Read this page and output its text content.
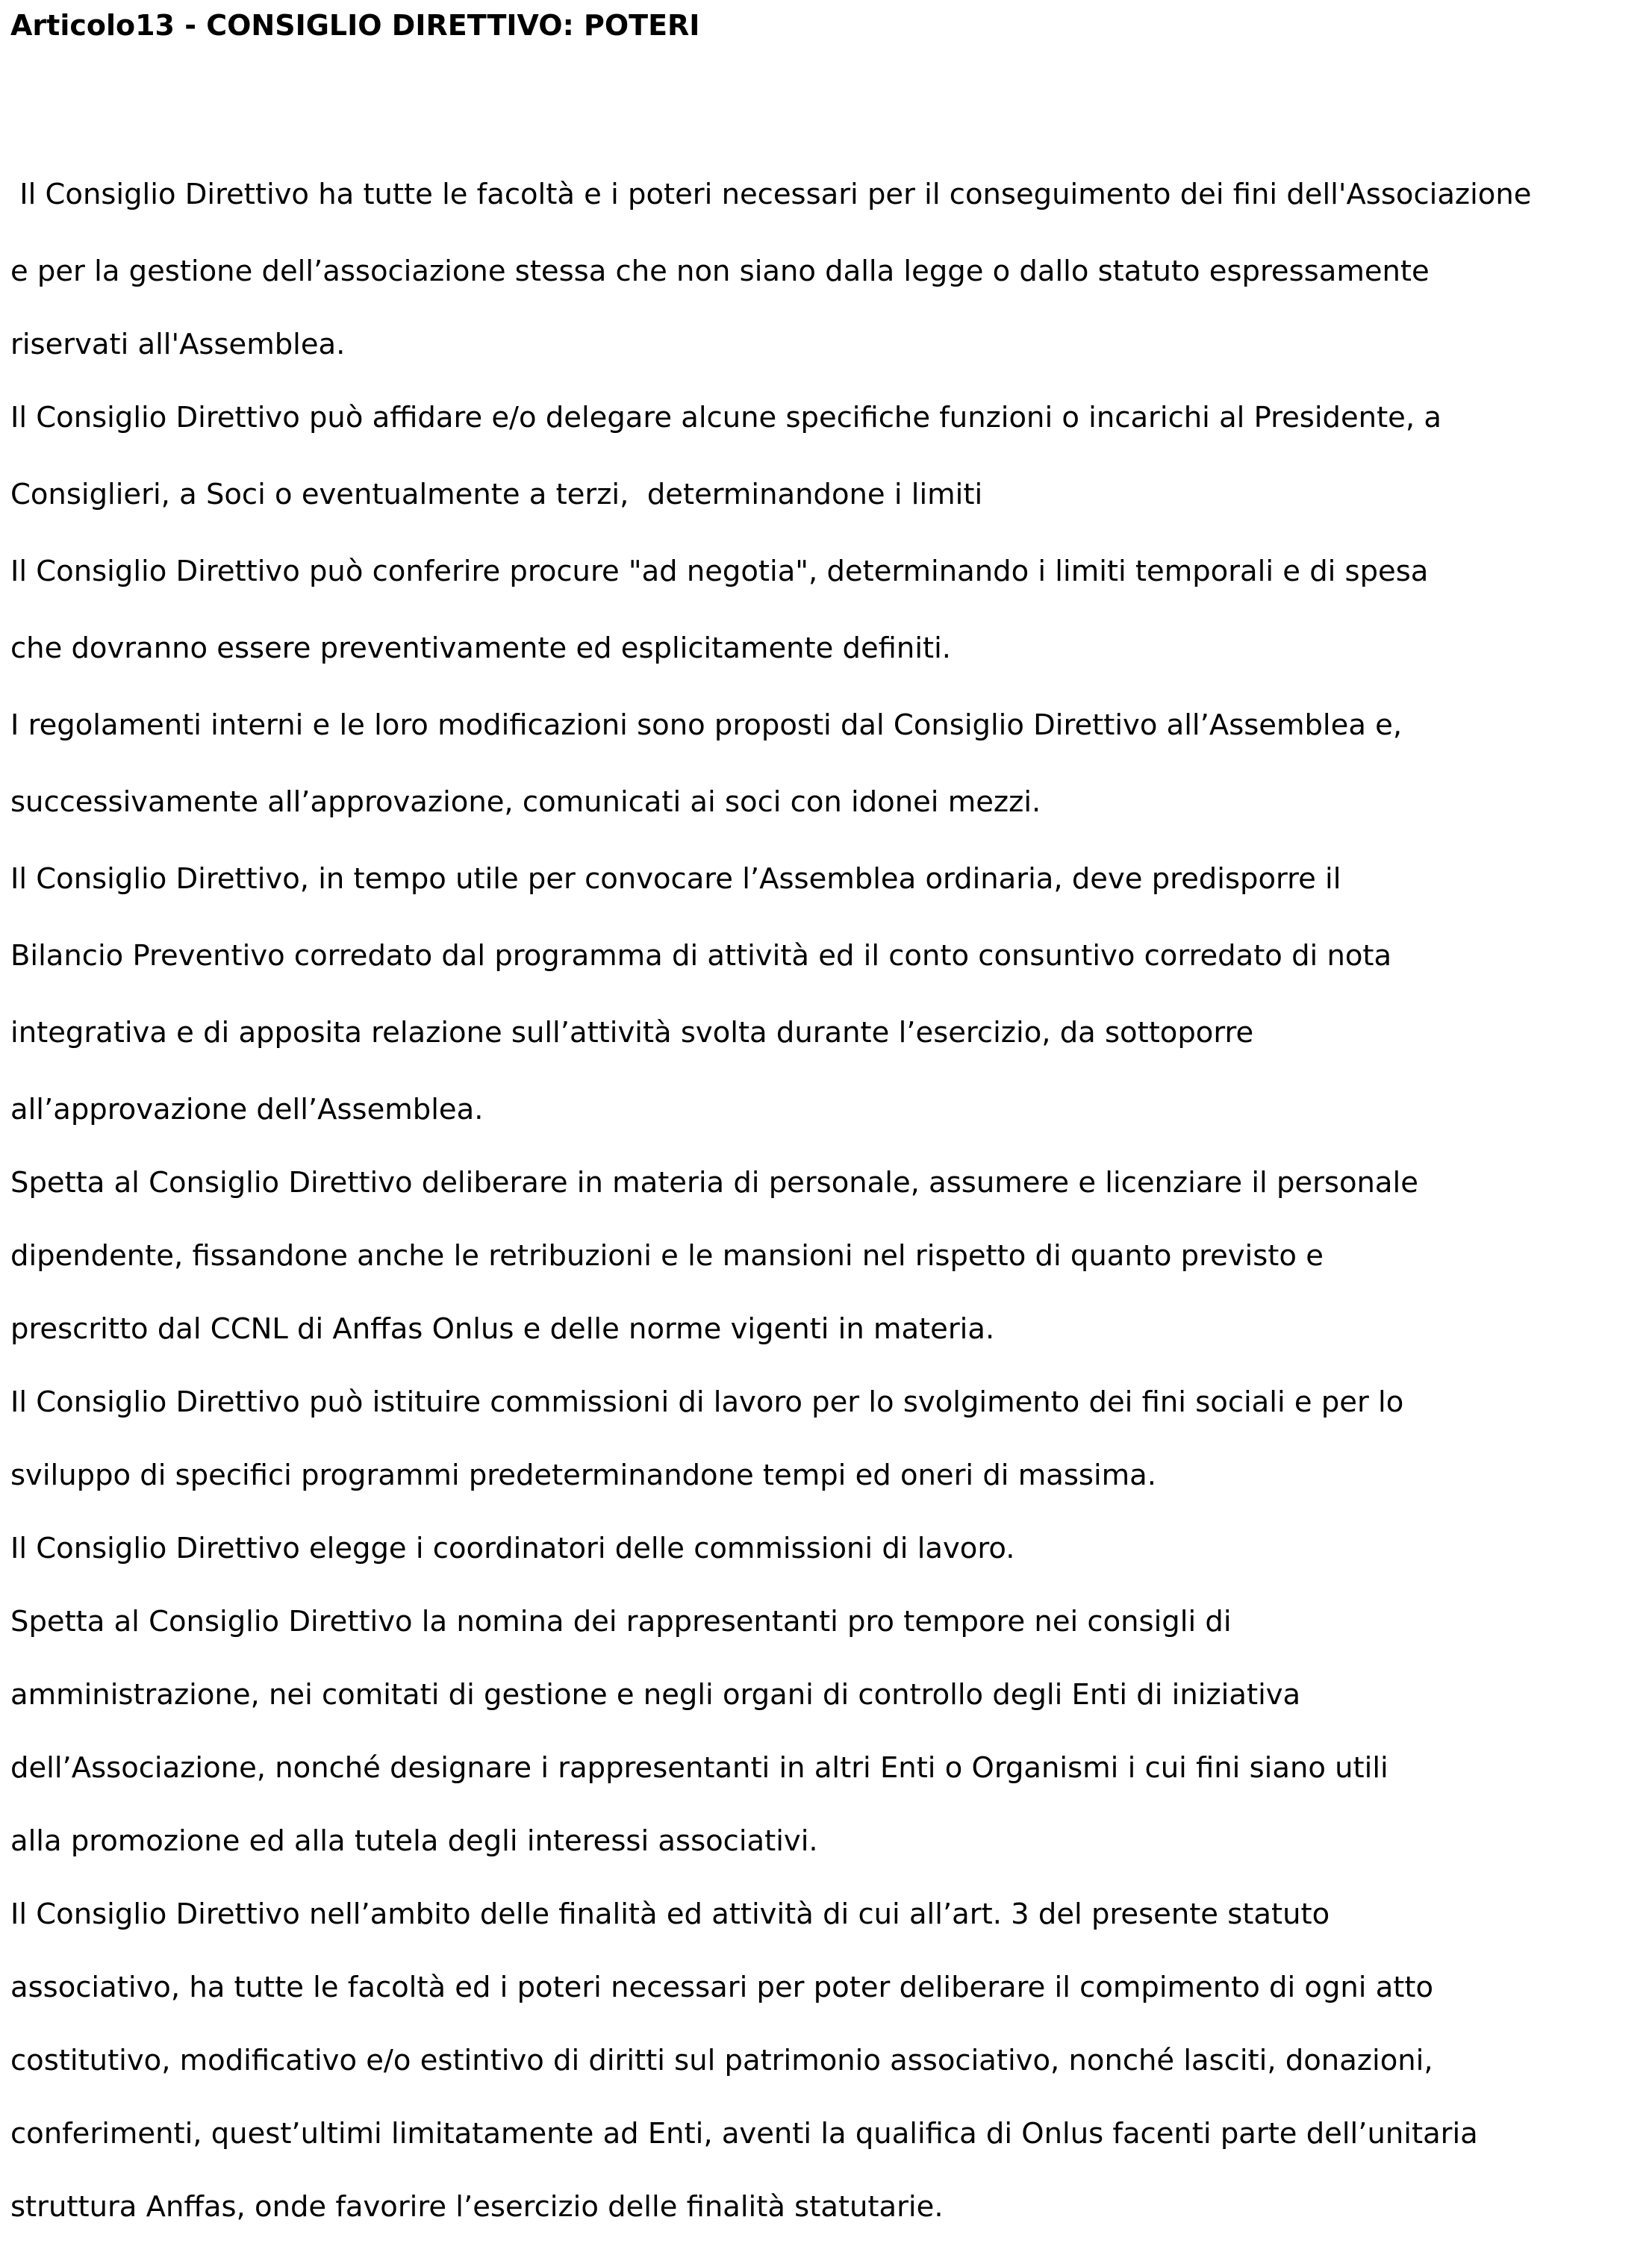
Articolo13 - CONSIGLIO DIRETTIVO: POTERI
Il Consiglio Direttivo ha tutte le facoltà e i poteri necessari per il conseguimento dei fini dell'Associazione
e per la gestione dell’associazione stessa che non siano dalla legge o dallo statuto espressamente
riservati all'Assemblea.
Il Consiglio Direttivo può affidare e/o delegare alcune specifiche funzioni o incarichi al Presidente, a
Consiglieri, a Soci o eventualmente a terzi,  determinandone i limiti
Il Consiglio Direttivo può conferire procure "ad negotia", determinando i limiti temporali e di spesa
che dovranno essere preventivamente ed esplicitamente definiti.
I regolamenti interni e le loro modificazioni sono proposti dal Consiglio Direttivo all’Assemblea e,
successivamente all’approvazione, comunicati ai soci con idonei mezzi.
Il Consiglio Direttivo, in tempo utile per convocare l’Assemblea ordinaria, deve predisporre il
Bilancio Preventivo corredato dal programma di attività ed il conto consuntivo corredato di nota
integrativa e di apposita relazione sull’attività svolta durante l’esercizio, da sottoporre
all’approvazione dell’Assemblea.
Spetta al Consiglio Direttivo deliberare in materia di personale, assumere e licenziare il personale
dipendente, fissandone anche le retribuzioni e le mansioni nel rispetto di quanto previsto e
prescritto dal CCNL di Anffas Onlus e delle norme vigenti in materia.
Il Consiglio Direttivo può istituire commissioni di lavoro per lo svolgimento dei fini sociali e per lo
sviluppo di specifici programmi predeterminandone tempi ed oneri di massima.
Il Consiglio Direttivo elegge i coordinatori delle commissioni di lavoro.
Spetta al Consiglio Direttivo la nomina dei rappresentanti pro tempore nei consigli di
amministrazione, nei comitati di gestione e negli organi di controllo degli Enti di iniziativa
dell’Associazione, nonché designare i rappresentanti in altri Enti o Organismi i cui fini siano utili
alla promozione ed alla tutela degli interessi associativi.
Il Consiglio Direttivo nell’ambito delle finalità ed attività di cui all’art. 3 del presente statuto
associativo, ha tutte le facoltà ed i poteri necessari per poter deliberare il compimento di ogni atto
costitutivo, modificativo e/o estintivo di diritti sul patrimonio associativo, nonché lasciti, donazioni,
conferimenti, quest’ultimi limitatamente ad Enti, aventi la qualifica di Onlus facenti parte dell’unitaria
struttura Anffas, onde favorire l’esercizio delle finalità statutarie.
